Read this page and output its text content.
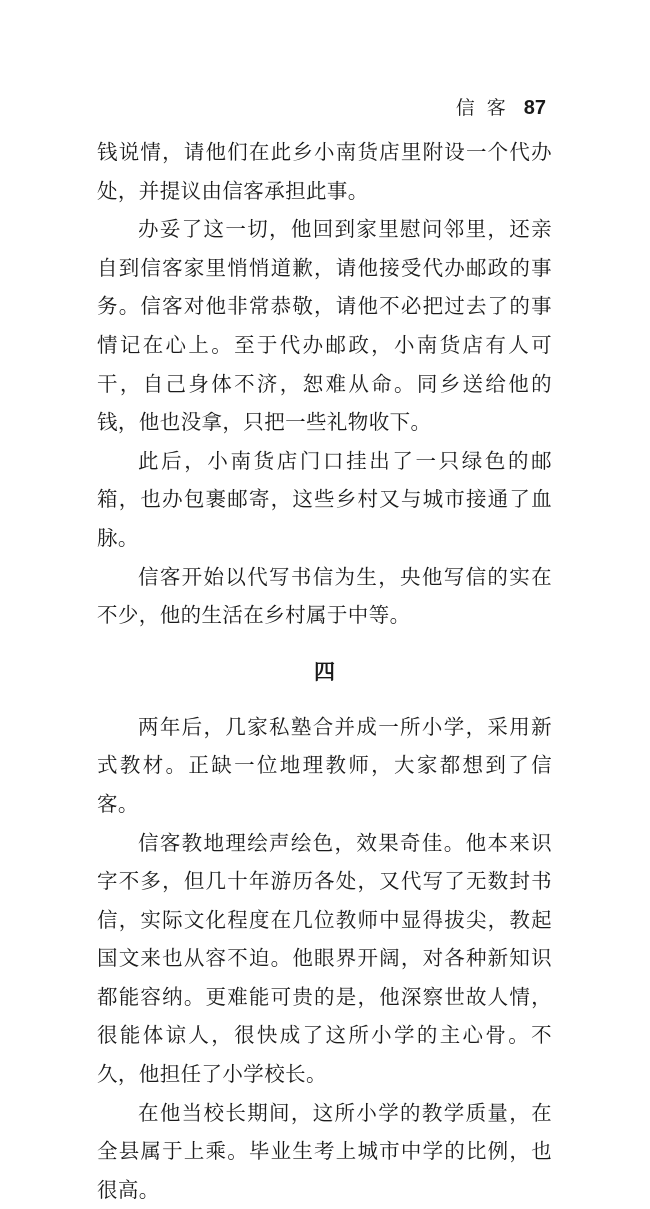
信客 87

钱说情，请他们在此乡小南货店里附设一个代办处，并提议由信客承担此事。

办妥了这一切，他回到家里慰问邻里，还亲自到信客家里悄悄道歉，请他接受代办邮政的事务。信客对他非常恭敬，请他不必把过去了的事情记在心上。至于代办邮政，小南货店有人可干，自己身体不济，恕难从命。同乡送给他的钱，他也没拿，只把一些礼物收下。

此后，小南货店门口挂出了一只绿色的邮箱，也办包裹邮寄，这些乡村又与城市接通了血脉。

信客开始以代写书信为生，央他写信的实在不少，他的生活在乡村属于中等。

四

两年后，几家私塾合并成一所小学，采用新式教材。正缺一位地理教师，大家都想到了信客。

信客教地理绘声绘色，效果奇佳。他本来识字不多，但几十年游历各处，又代写了无数封书信，实际文化程度在几位教师中显得拔尖，教起国文来也从容不迫。他眼界开阔，对各种新知识都能容纳。更难能可贵的是，他深察世故人情，很能体谅人，很快成了这所小学的主心骨。不久，他担任了小学校长。

在他当校长期间，这所小学的教学质量，在全县属于上乘。毕业生考上城市中学的比例，也很高。
